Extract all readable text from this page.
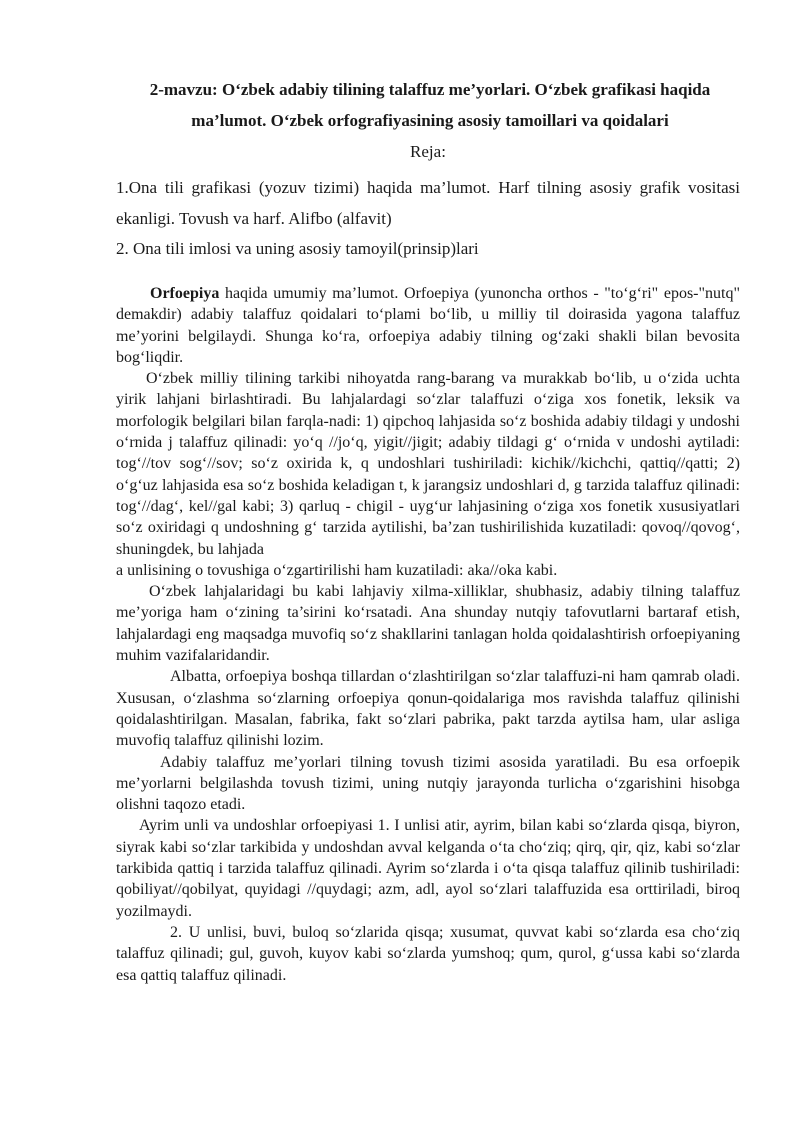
2-mavzu: O‘zbek adabiy tilining talaffuz me’yorlari. O‘zbek grafikasi haqida
ma’lumot. O‘zbek orfografiyasining asosiy tamoillari va qoidalari
Reja:
1.Ona tili grafikasi (yozuv tizimi) haqida ma’lumot. Harf tilning asosiy grafik vositasi ekanligi. Tovush va harf. Alifbo (alfavit)
2. Ona tili imlosi va uning asosiy tamoyil(prinsip)lari

Orfoepiya haqida umumiy ma’lumot. Orfoepiya (yunoncha orthos - "to‘g‘ri" epos-"nutq" demakdir) adabiy talaffuz qoidalari to‘plami bo‘lib, u milliy til doirasida yagona talaffuz me’yorini belgilaydi. Shunga ko‘ra, orfoepiya adabiy tilning og‘zaki shakli bilan bevosita bog‘liqdir.

O‘zbek milliy tilining tarkibi nihoyatda rang-barang va murakkab bo‘lib, u o‘zida uchta yirik lahjani birlashtiradi. Bu lahjalardagi so‘zlar talaffuzi o‘ziga xos fonetik, leksik va morfologik belgilari bilan farqla-nadi: 1) qipchoq lahjasida so‘z boshida adabiy tildagi y undoshi o‘rnida j talaffuz qilinadi: yo‘q //jo‘q, yigit//jigit; adabiy tildagi g‘ o‘rnida v undoshi aytiladi: tog‘//tov sog‘//sov; so‘z oxirida k, q undoshlari tushiriladi: kichik//kichchi, qattiq//qatti; 2) o‘g‘uz lahjasida esa so‘z boshida keladigan t, k jarangsiz undoshlari d, g tarzida talaffuz qilinadi: tog‘//dag‘, kel//gal kabi; 3) qarluq - chigil - uyg‘ur lahjasining o‘ziga xos fonetik xususiyatlari so‘z oxiridagi q undoshning g‘ tarzida aytilishi, ba’zan tushirilishida kuzatiladi: qovoq//qovog‘, shuningdek, bu lahjada

a unlisining o tovushiga o‘zgartirilishi ham kuzatiladi: aka//oka kabi.

O‘zbek lahjalaridagi bu kabi lahjaviy xilma-xilliklar, shubhasiz, adabiy tilning talaffuz me’yoriga ham o‘zining ta’sirini ko‘rsatadi. Ana shunday nutqiy tafovutlarni bartaraf etish, lahjalardagi eng maqsadga muvofiq so‘z shakllarini tanlagan holda qoidalashtirish orfoepiyaning muhim vazifalaridandir.

Albatta, orfoepiya boshqa tillardan o‘zlashtirilgan so‘zlar talaffuzi-ni ham qamrab oladi. Xususan, o‘zlashma so‘zlarning orfoepiya qonun-qoidalariga mos ravishda talaffuz qilinishi qoidalashtirilgan. Masalan, fabrika, fakt so‘zlari pabrika, pakt tarzda aytilsa ham, ular asliga muvofiq talaffuz qilinishi lozim.

Adabiy talaffuz me’yorlari tilning tovush tizimi asosida yaratiladi. Bu esa orfoepik me’yorlarni belgilashda tovush tizimi, uning nutqiy jarayonda turlicha o‘zgarishini hisobga olishni taqozo etadi.

Ayrim unli va undoshlar orfoepiyasi 1. I unlisi atir, ayrim, bilan kabi so‘zlarda qisqa, biyron, siyrak kabi so‘zlar tarkibida y undoshdan avval kelganda o‘ta cho‘ziq; qirq, qir, qiz, kabi so‘zlar tarkibida qattiq i tarzida talaffuz qilinadi. Ayrim so‘zlarda i o‘ta qisqa talaffuz qilinib tushiriladi: qobiliyat//qobilyat, quyidagi //quydagi; azm, adl, ayol so‘zlari talaffuzida esa orttiriladi, biroq yozilmaydi.

2. U unlisi, buvi, buloq so‘zlarida qisqa; xusumat, quvvat kabi so‘zlarda esa cho‘ziq talaffuz qilinadi; gul, guvoh, kuyov kabi so‘zlarda yumshoq; qum, qurol, g‘ussa kabi so‘zlarda esa qattiq talaffuz qilinadi.
